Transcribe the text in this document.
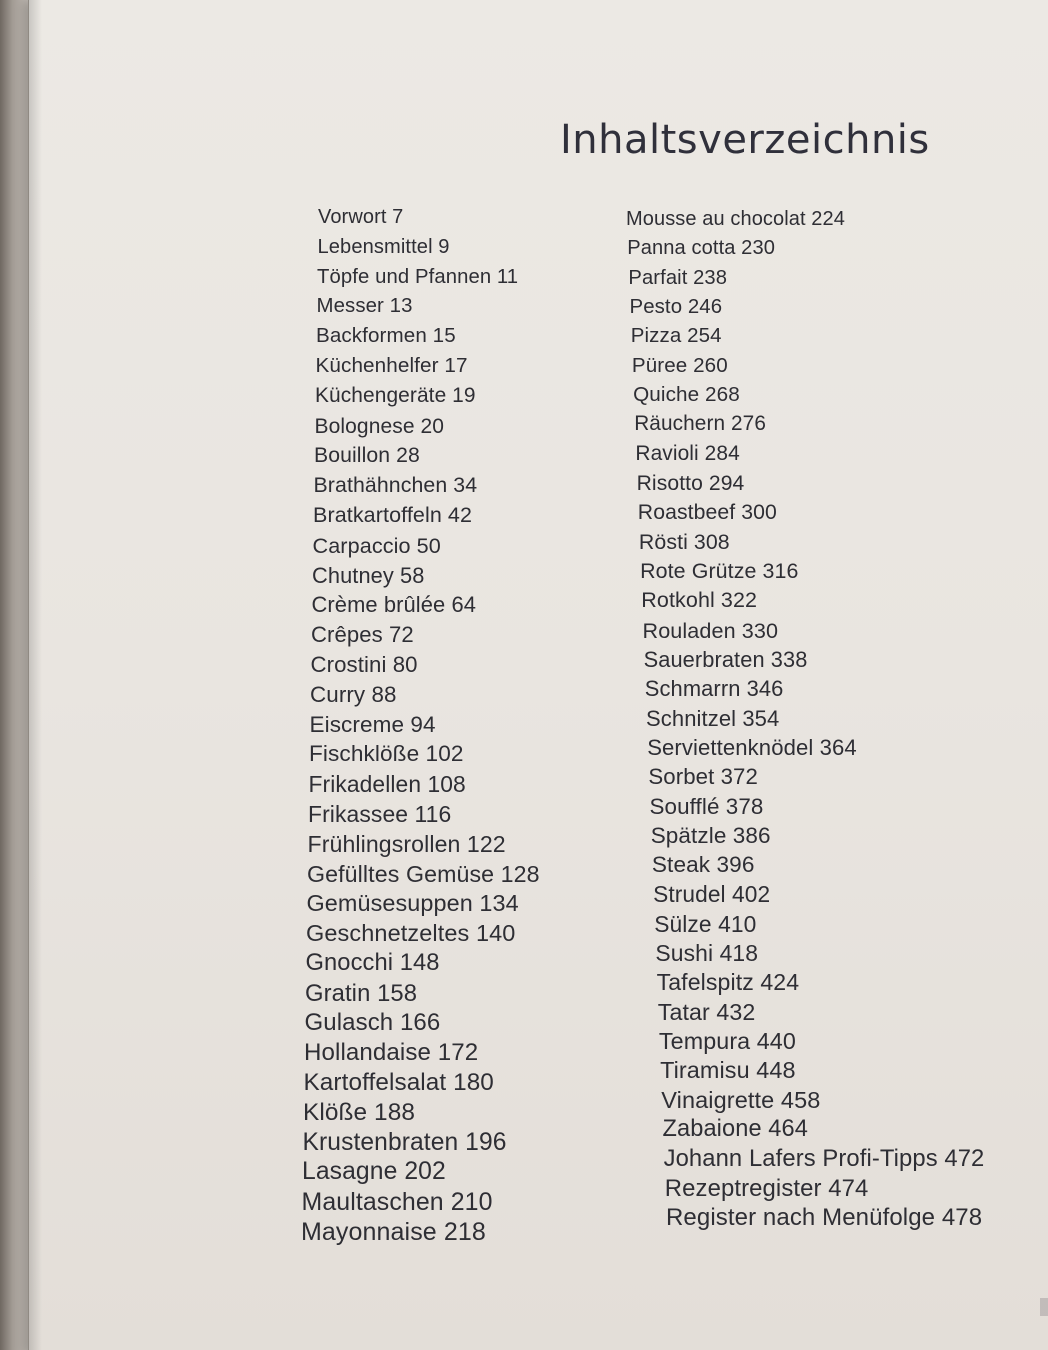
Inhaltsverzeichnis
Vorwort 7
Lebensmittel 9
Töpfe und Pfannen 11
Messer 13
Backformen 15
Küchenhelfer 17
Küchengeräte 19
Bolognese 20
Bouillon 28
Brathähnchen 34
Bratkartoffeln 42
Carpaccio 50
Chutney 58
Crème brûlée 64
Crêpes 72
Crostini 80
Curry 88
Eiscreme 94
Fischklöße 102
Frikadellen 108
Frikassee 116
Frühlingsrollen 122
Gefülltes Gemüse 128
Gemüsesuppen 134
Geschnetzeltes 140
Gnocchi 148
Gratin 158
Gulasch 166
Hollandaise 172
Kartoffelsalat 180
Klöße 188
Krustenbraten 196
Lasagne 202
Maultaschen 210
Mayonnaise 218
Mousse au chocolat 224
Panna cotta 230
Parfait 238
Pesto 246
Pizza 254
Püree 260
Quiche 268
Räuchern 276
Ravioli 284
Risotto 294
Roastbeef 300
Rösti 308
Rote Grütze 316
Rotkohl 322
Rouladen 330
Sauerbraten 338
Schmarrn 346
Schnitzel 354
Serviettenknödel 364
Sorbet 372
Soufflé 378
Spätzle 386
Steak 396
Strudel 402
Sülze 410
Sushi 418
Tafelspitz 424
Tatar 432
Tempura 440
Tiramisu 448
Vinaigrette 458
Zabaione 464
Johann Lafers Profi-Tipps 472
Rezeptregister 474
Register nach Menüfolge 478
